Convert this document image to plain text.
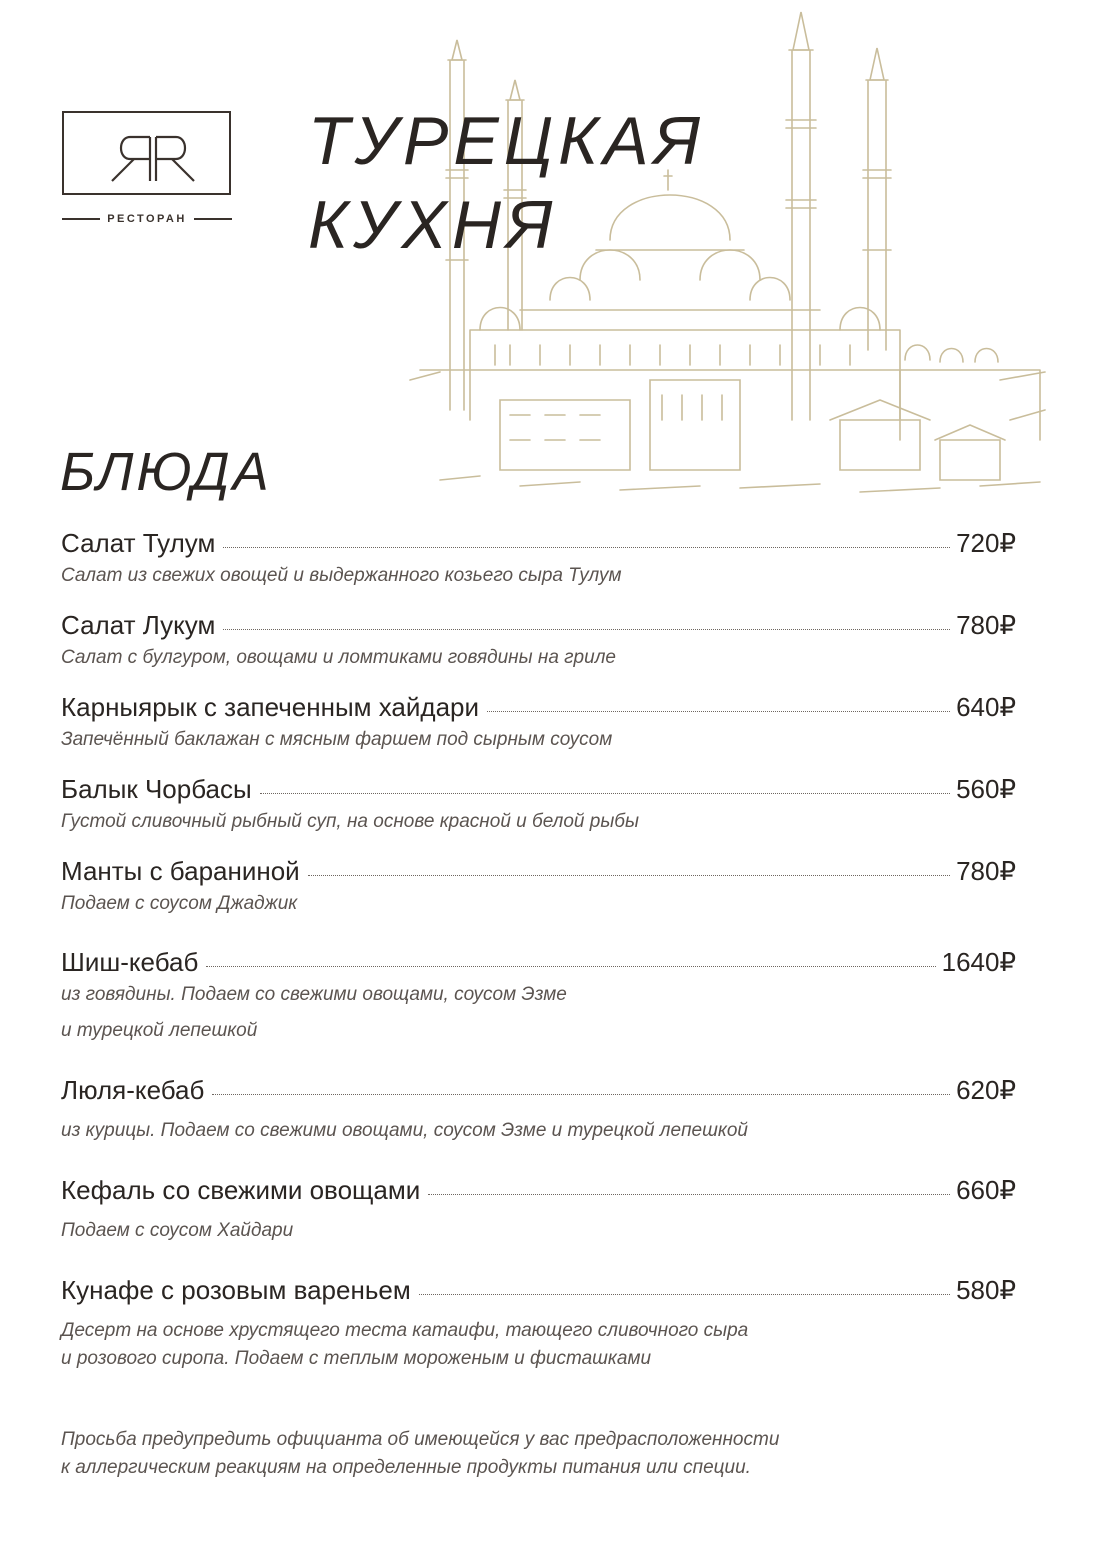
РЕСТОРАН
ТУРЕЦКАЯ
КУХНЯ
БЛЮДА
Салат Тулум	720₽
Салат из свежих овощей и выдержанного козьего сыра Тулум
Салат Лукум	780₽
Салат с булгуром, овощами и ломтиками говядины на гриле
Карныярык с запеченным хайдари	640₽
Запечённый баклажан с мясным фаршем под сырным соусом
Балык Чорбасы	560₽
Густой сливочный рыбный суп, на основе красной и белой рыбы
Манты с бараниной	780₽
Подаем с соусом Джаджик
Шиш-кебаб	1640₽
из говядины. Подаем со свежими овощами, соусом Эзме
и турецкой лепешкой
Люля-кебаб	620₽
из курицы. Подаем со свежими овощами, соусом Эзме и турецкой лепешкой
Кефаль со свежими овощами	660₽
Подаем с соусом Хайдари
Кунафе с розовым вареньем	580₽
Десерт на основе хрустящего теста катаифи, тающего сливочного сыра
и розового сиропа. Подаем с теплым мороженым и фисташками
Просьба предупредить официанта об имеющейся у вас предрасположенности
к аллергическим реакциям на определенные продукты питания или специи.
